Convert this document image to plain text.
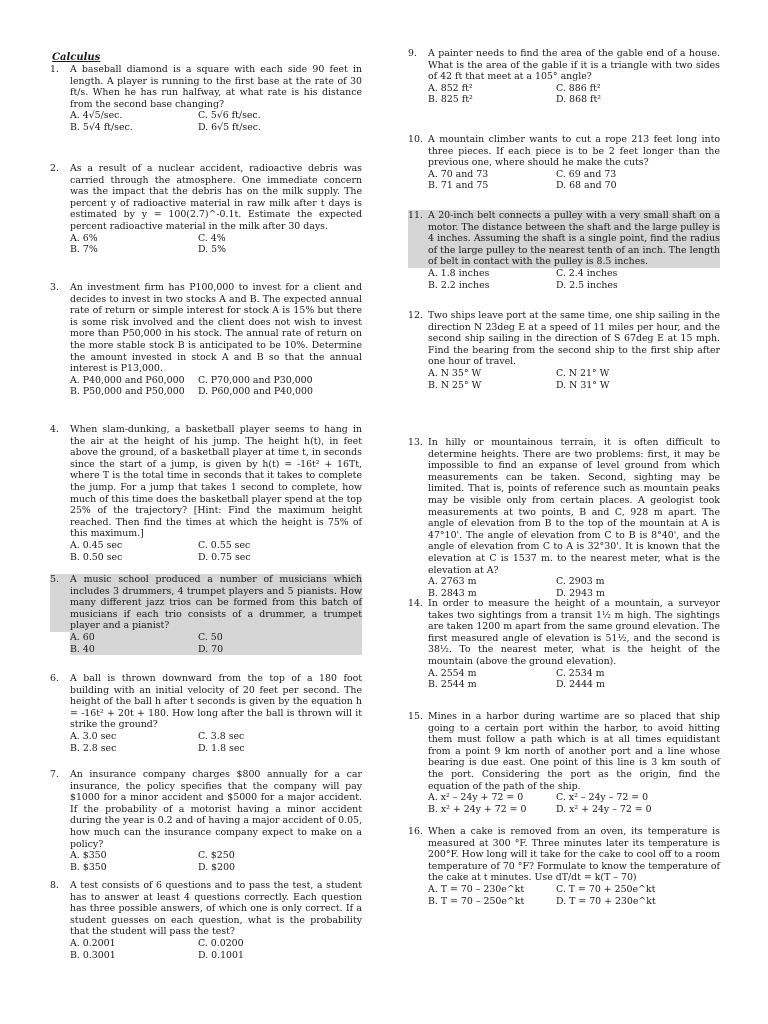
Calculus
1.	A baseball diamond is a square with each side 90 feet in length. A player is running to the first base at the rate of 30 ft/s. When he has run halfway, at what rate is his distance from the second base changing?
A. 4√5/sec.	C. 5√6 ft/sec.
B. 5√4 ft/sec.	D. 6√5 ft/sec.
2.	As a result of a nuclear accident, radioactive debris was carried through the atmosphere. One immediate concern was the impact that the debris has on the milk supply. The percent y of radioactive material in raw milk after t days is estimated by y = 100(2.7)^-0.1t. Estimate the expected percent radioactive material in the milk after 30 days.
A. 6%	C. 4%
B. 7%	D. 5%
3.	An investment firm has P100,000 to invest for a client and decides to invest in two stocks A and B. The expected annual rate of return or simple interest for stock A is 15% but there is some risk involved and the client does not wish to invest more than P50,000 in his stock. The annual rate of return on the more stable stock B is anticipated to be 10%. Determine the amount invested in stock A and B so that the annual interest is P13,000.
A. P40,000 and P60,000	C. P70,000 and P30,000
B. P50,000 and P50,000	D. P60,000 and P40,000
4.	When slam-dunking, a basketball player seems to hang in the air at the height of his jump. The height h(t), in feet above the ground, of a basketball player at time t, in seconds since the start of a jump, is given by h(t) = -16t² + 16Tt, where T is the total time in seconds that it takes to complete the jump. For a jump that takes 1 second to complete, how much of this time does the basketball player spend at the top 25% of the trajectory? [Hint: Find the maximum height reached. Then find the times at which the height is 75% of this maximum.]
A. 0.45 sec	C. 0.55 sec
B. 0.50 sec	D. 0.75 sec
5.	A music school produced a number of musicians which includes 3 drummers, 4 trumpet players and 5 pianists. How many different jazz trios can be formed from this batch of musicians if each trio consists of a drummer, a trumpet player and a pianist?
A. 60	C. 50
B. 40	D. 70
6.	A ball is thrown downward from the top of a 180 foot building with an initial velocity of 20 feet per second. The height of the ball h after t seconds is given by the equation h = -16t² + 20t + 180. How long after the ball is thrown will it strike the ground?
A. 3.0 sec	C. 3.8 sec
B. 2.8 sec	D. 1.8 sec
7.	An insurance company charges $800 annually for a car insurance, the policy specifies that the company will pay $1000 for a minor accident and $5000 for a major accident. If the probability of a motorist having a minor accident during the year is 0.2 and of having a major accident of 0.05, how much can the insurance company expect to make on a policy?
A. $350	C. $250
B. $350	D. $200
8.	A test consists of 6 questions and to pass the test, a student has to answer at least 4 questions correctly. Each question has three possible answers, of which one is only correct. If a student guesses on each question, what is the probability that the student will pass the test?
A. 0.2001	C. 0.0200
B. 0.3001	D. 0.1001
9.	A painter needs to find the area of the gable end of a house. What is the area of the gable if it is a triangle with two sides of 42 ft that meet at a 105° angle?
A. 852 ft²	C. 886 ft²
B. 825 ft²	D. 868 ft²
10. A mountain climber wants to cut a rope 213 feet long into three pieces. If each piece is to be 2 feet longer than the previous one, where should he make the cuts?
A. 70 and 73	C. 69 and 73
B. 71 and 75	D. 68 and 70
11. A 20-inch belt connects a pulley with a very small shaft on a motor. The distance between the shaft and the large pulley is 4 inches. Assuming the shaft is a single point, find the radius of the large pulley to the nearest tenth of an inch. The length of belt in contact with the pulley is 8.5 inches.
A. 1.8 inches	C. 2.4 inches
B. 2.2 inches	D. 2.5 inches
12. Two ships leave port at the same time, one ship sailing in the direction N 23deg E at a speed of 11 miles per hour, and the second ship sailing in the direction of S 67deg E at 15 mph. Find the bearing from the second ship to the first ship after one hour of travel.
A. N 35° W	C. N 21° W
B. N 25° W	D. N 31° W
13. In hilly or mountainous terrain, it is often difficult to determine heights. There are two problems: first, it may be impossible to find an expanse of level ground from which measurements can be taken. Second, sighting may be limited. That is, points of reference such as mountain peaks may be visible only from certain places. A geologist took measurements at two points, B and C, 928 m apart. The angle of elevation from B to the top of the mountain at A is 47°10'. The angle of elevation from C to B is 8°40', and the angle of elevation from C to A is 32°30'. It is known that the elevation at C is 1537 m. to the nearest meter, what is the elevation at A?
A. 2763 m	C. 2903 m
B. 2843 m	D. 2943 m
14. In order to measure the height of a mountain, a surveyor takes two sightings from a transit 1½ m high. The sightings are taken 1200 m apart from the same ground elevation. The first measured angle of elevation is 51½, and the second is 38½. To the nearest meter, what is the height of the mountain (above the ground elevation).
A. 2554 m	C. 2534 m
B. 2544 m	D. 2444 m
15. Mines in a harbor during wartime are so placed that ship going to a certain port within the harbor, to avoid hitting them must follow a path which is at all times equidistant from a point 9 km north of another port and a line whose bearing is due east. One point of this line is 3 km south of the port. Considering the port as the origin, find the equation of the path of the ship.
A. x² – 24y + 72 = 0	C. x² – 24y – 72 = 0
B. x² + 24y + 72 = 0	D. x² + 24y – 72 = 0
16. When a cake is removed from an oven, its temperature is measured at 300 °F. Three minutes later its temperature is 200°F. How long will it take for the cake to cool off to a room temperature of 70 °F? Formulate to know the temperature of the cake at t minutes. Use dT/dt = k(T – 70)
A. T = 70 – 230e^kt	C. T = 70 + 250e^kt
B. T = 70 – 250e^kt	D. T = 70 + 230e^kt
